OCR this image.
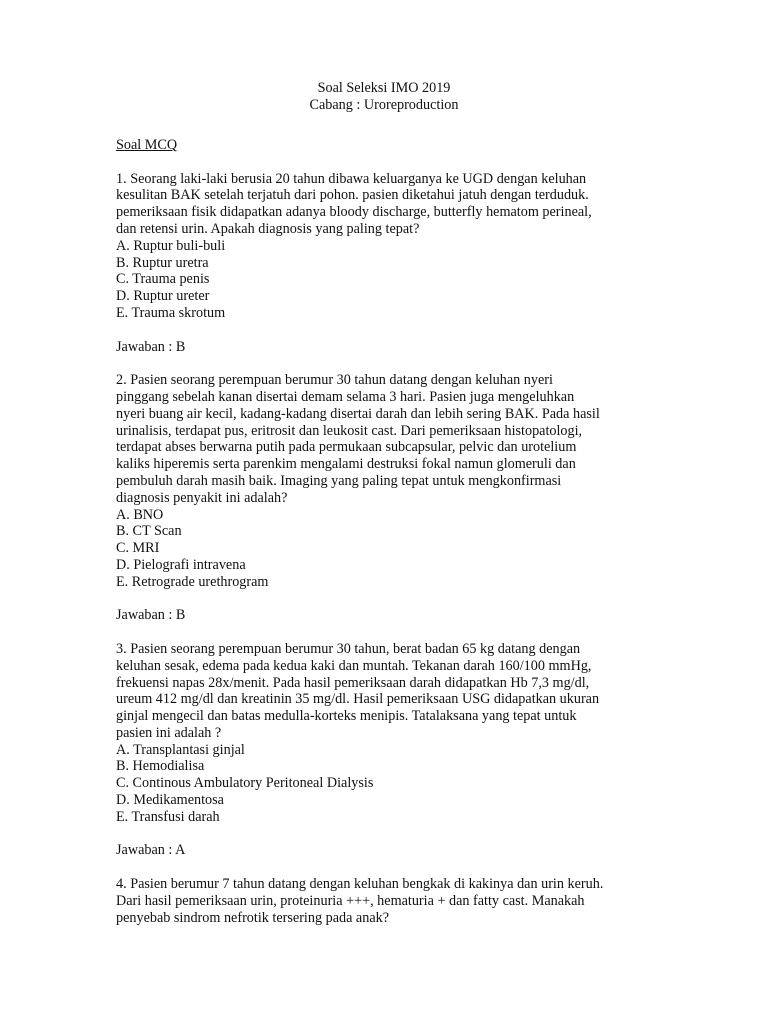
Soal Seleksi IMO 2019
Cabang : Uroreproduction
Soal MCQ
1. Seorang laki-laki berusia 20 tahun dibawa keluarganya ke UGD dengan keluhan
kesulitan BAK setelah terjatuh dari pohon. pasien diketahui jatuh dengan terduduk.
pemeriksaan fisik didapatkan adanya bloody discharge, butterfly hematom perineal,
dan retensi urin. Apakah diagnosis yang paling tepat?
A. Ruptur buli-buli
B. Ruptur uretra
C. Trauma penis
D. Ruptur ureter
E. Trauma skrotum
Jawaban : B
2. Pasien seorang perempuan berumur 30 tahun datang dengan keluhan nyeri
pinggang sebelah kanan disertai demam selama 3 hari. Pasien juga mengeluhkan
nyeri buang air kecil, kadang-kadang disertai darah dan lebih sering BAK. Pada hasil
urinalisis, terdapat pus, eritrosit dan leukosit cast. Dari pemeriksaan histopatologi,
terdapat abses berwarna putih pada permukaan subcapsular, pelvic dan urotelium
kaliks hiperemis serta parenkim mengalami destruksi fokal namun glomeruli dan
pembuluh darah masih baik. Imaging yang paling tepat untuk mengkonfirmasi
diagnosis penyakit ini adalah?
A. BNO
B. CT Scan
C. MRI
D. Pielografi intravena
E. Retrograde urethrogram
Jawaban : B
3. Pasien seorang perempuan berumur 30 tahun, berat badan 65 kg datang dengan
keluhan sesak, edema pada kedua kaki dan muntah. Tekanan darah 160/100 mmHg,
frekuensi napas 28x/menit. Pada hasil pemeriksaan darah didapatkan Hb 7,3 mg/dl,
ureum 412 mg/dl dan kreatinin 35 mg/dl. Hasil pemeriksaan USG didapatkan ukuran
ginjal mengecil dan batas medulla-korteks menipis. Tatalaksana yang tepat untuk
pasien ini adalah ?
A. Transplantasi ginjal
B. Hemodialisa
C. Continous Ambulatory Peritoneal Dialysis
D. Medikamentosa
E. Transfusi darah
Jawaban : A
4. Pasien berumur 7 tahun datang dengan keluhan bengkak di kakinya dan urin keruh.
Dari hasil pemeriksaan urin, proteinuria +++, hematuria + dan fatty cast. Manakah
penyebab sindrom nefrotik tersering pada anak?
